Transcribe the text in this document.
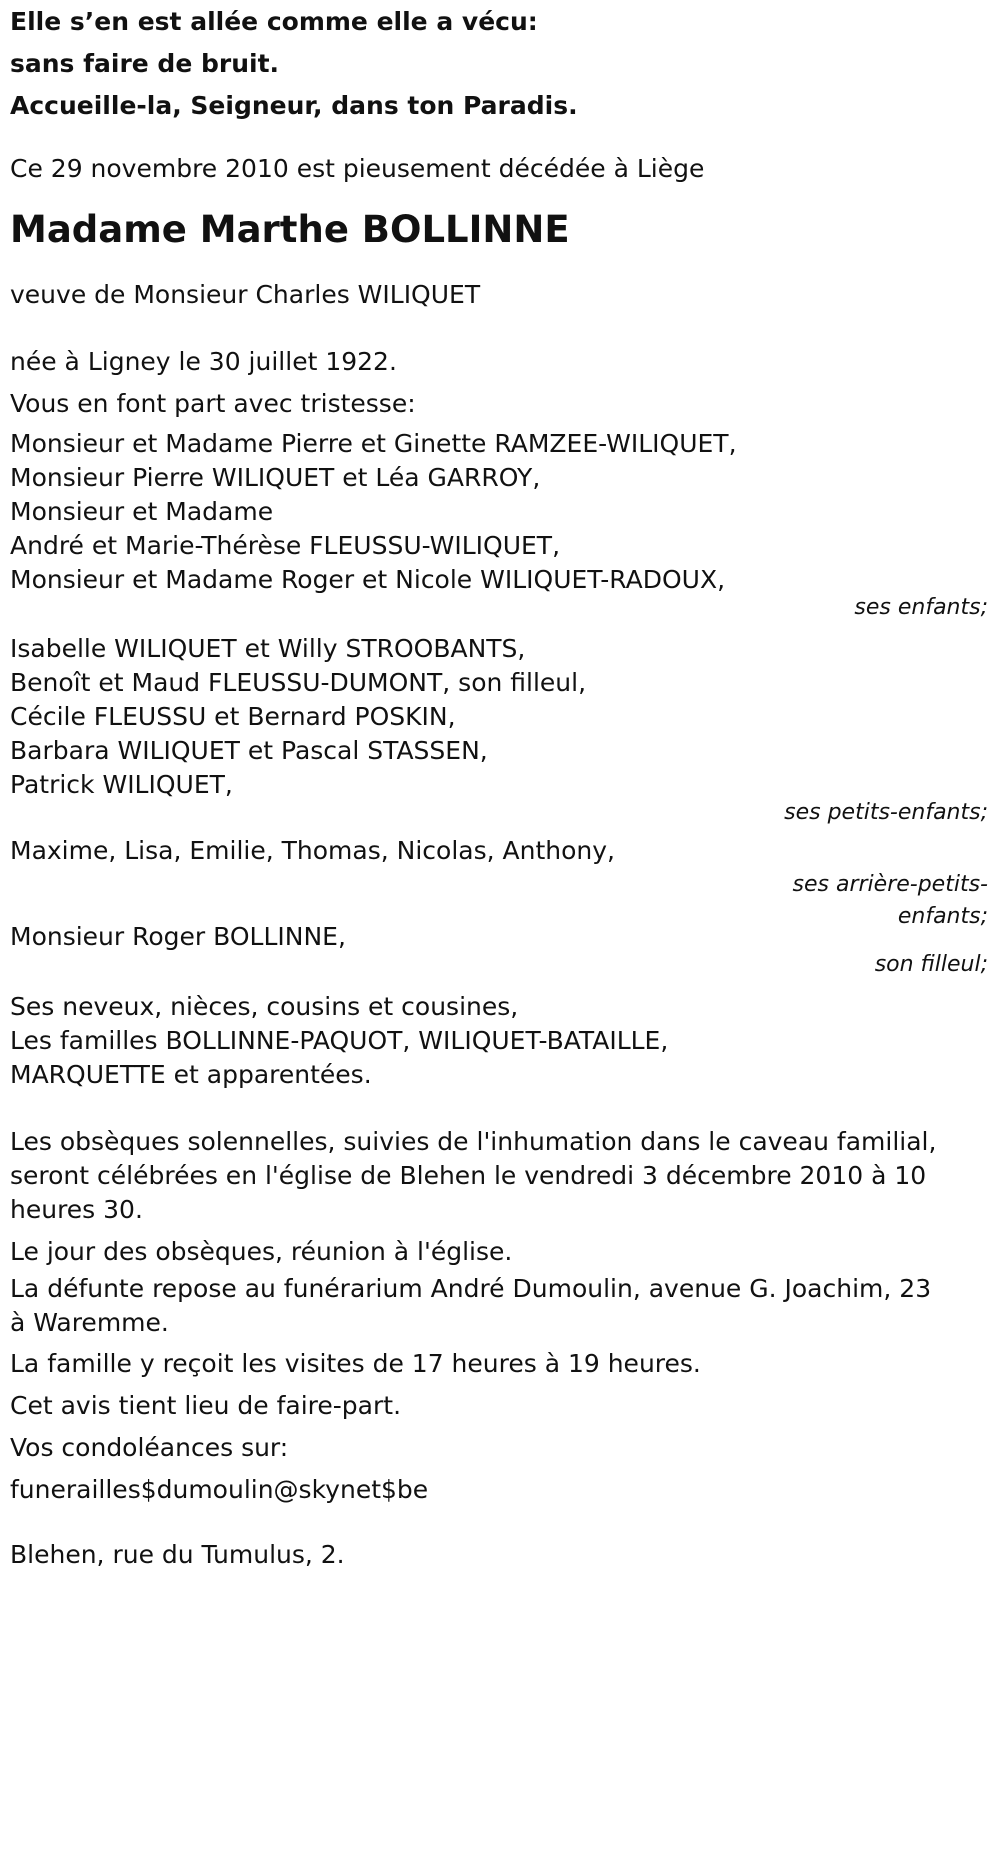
Elle s’en est allée comme elle a vécu:
sans faire de bruit.
Accueille-la, Seigneur, dans ton Paradis.
Ce 29 novembre 2010 est pieusement décédée à Liège
Madame Marthe BOLLINNE
veuve de Monsieur Charles WILIQUET
née à Ligney le 30 juillet 1922.
Vous en font part avec tristesse:
Monsieur et Madame Pierre et Ginette RAMZEE-WILIQUET,
Monsieur Pierre WILIQUET et Léa GARROY,
Monsieur et Madame
André et Marie-Thérèse FLEUSSU-WILIQUET,
Monsieur et Madame Roger et Nicole WILIQUET-RADOUX,
ses enfants;
Isabelle WILIQUET et Willy STROOBANTS,
Benoît et Maud FLEUSSU-DUMONT, son filleul,
Cécile FLEUSSU et Bernard POSKIN,
Barbara WILIQUET et Pascal STASSEN,
Patrick WILIQUET,
ses petits-enfants;
Maxime, Lisa, Emilie, Thomas, Nicolas, Anthony,
ses arrière-petits-
enfants;
Monsieur Roger BOLLINNE,
son filleul;
Ses neveux, nièces, cousins et cousines,
Les familles BOLLINNE-PAQUOT, WILIQUET-BATAILLE,
MARQUETTE et apparentées.
Les obsèques solennelles, suivies de l'inhumation dans le caveau familial,
seront célébrées en l'église de Blehen le vendredi 3 décembre 2010 à 10
heures 30.
Le jour des obsèques, réunion à l'église.
La défunte repose au funérarium André Dumoulin, avenue G. Joachim, 23
à Waremme.
La famille y reçoit les visites de 17 heures à 19 heures.
Cet avis tient lieu de faire-part.
Vos condoléances sur:
funerailles$dumoulin@skynet$be
Blehen, rue du Tumulus, 2.
